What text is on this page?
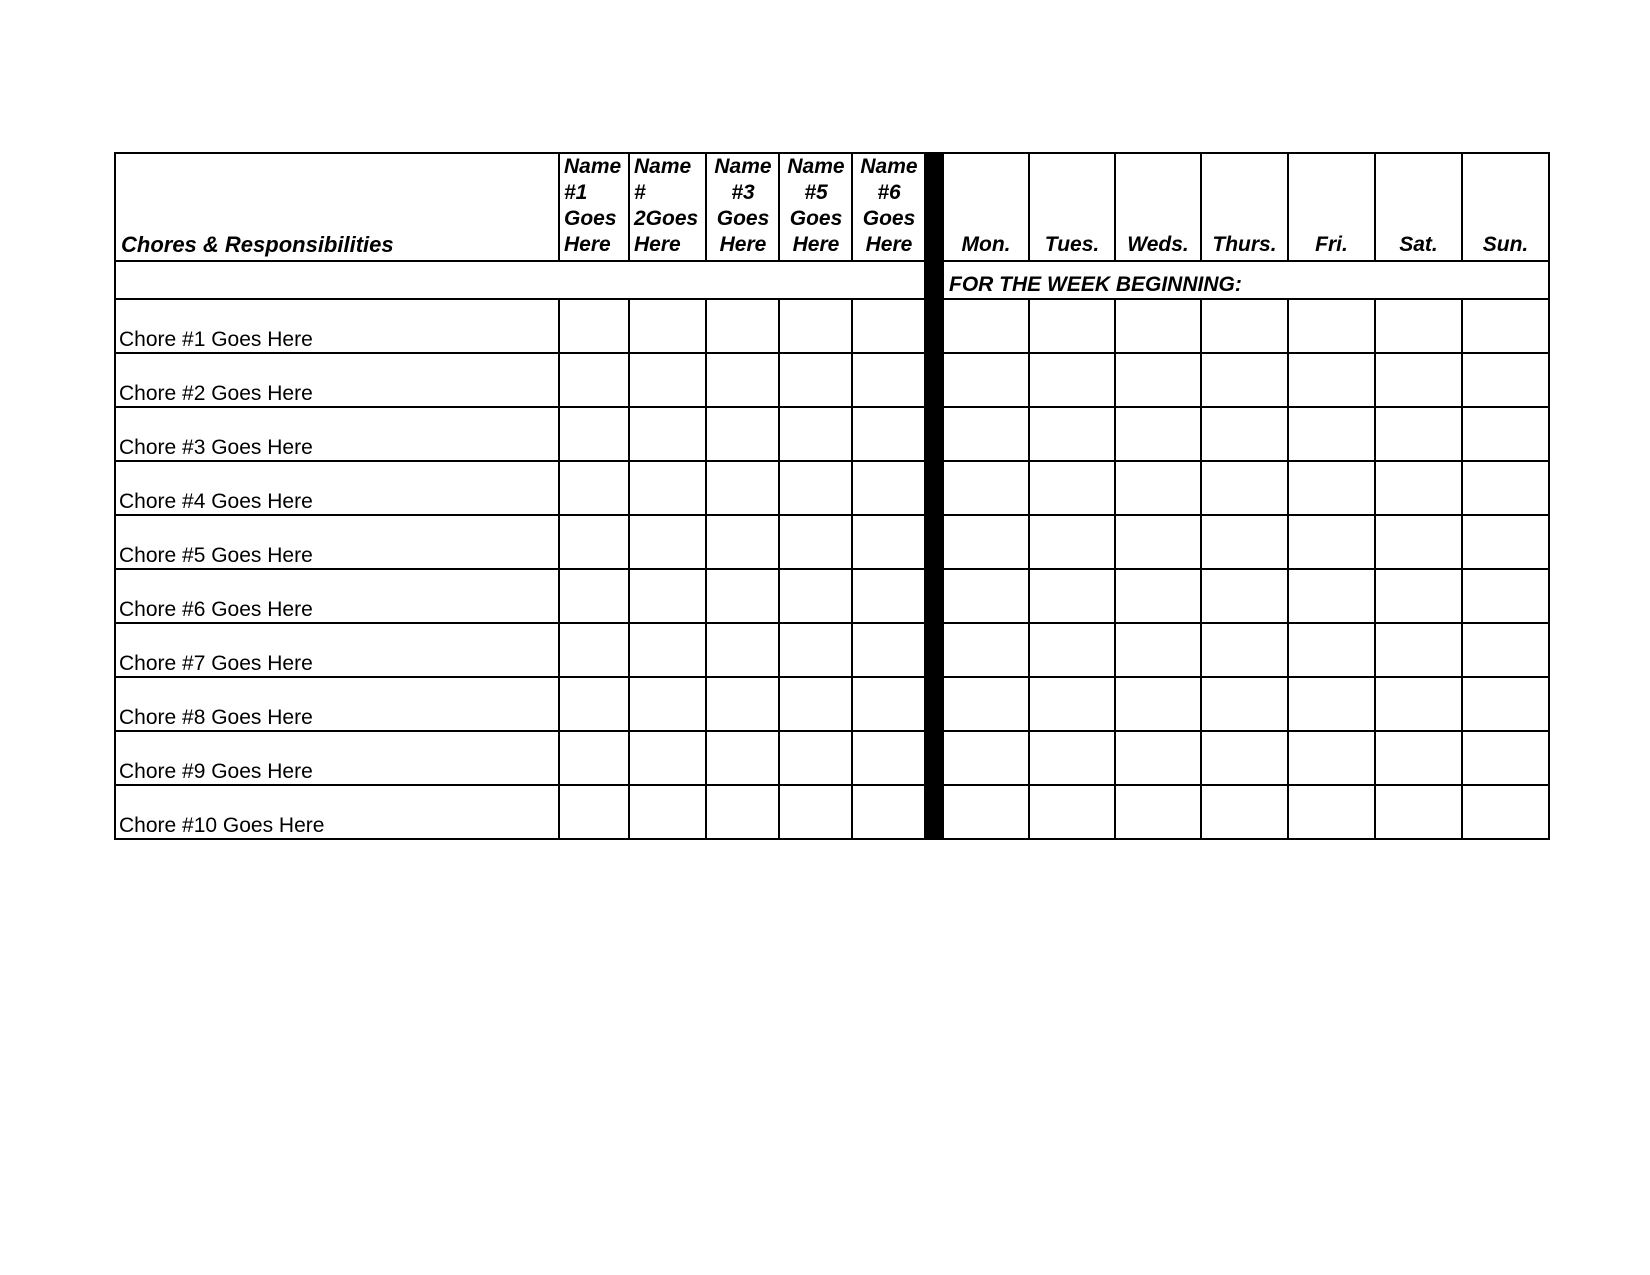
Chores & Responsibilities	Name
#1
Goes
Here	Name
#
2Goes
Here	Name
#3
Goes
Here	Name
#5
Goes
Here	Name
#6
Goes
Here		Mon.	Tues.	Weds.	Thurs.	Fri.	Sat.	Sun.
							FOR THE WEEK BEGINNING:						
Chore #1 Goes Here													
Chore #2 Goes Here													
Chore #3 Goes Here													
Chore #4 Goes Here													
Chore #5 Goes Here													
Chore #6 Goes Here													
Chore #7 Goes Here													
Chore #8 Goes Here													
Chore #9 Goes Here													
Chore #10 Goes Here													
